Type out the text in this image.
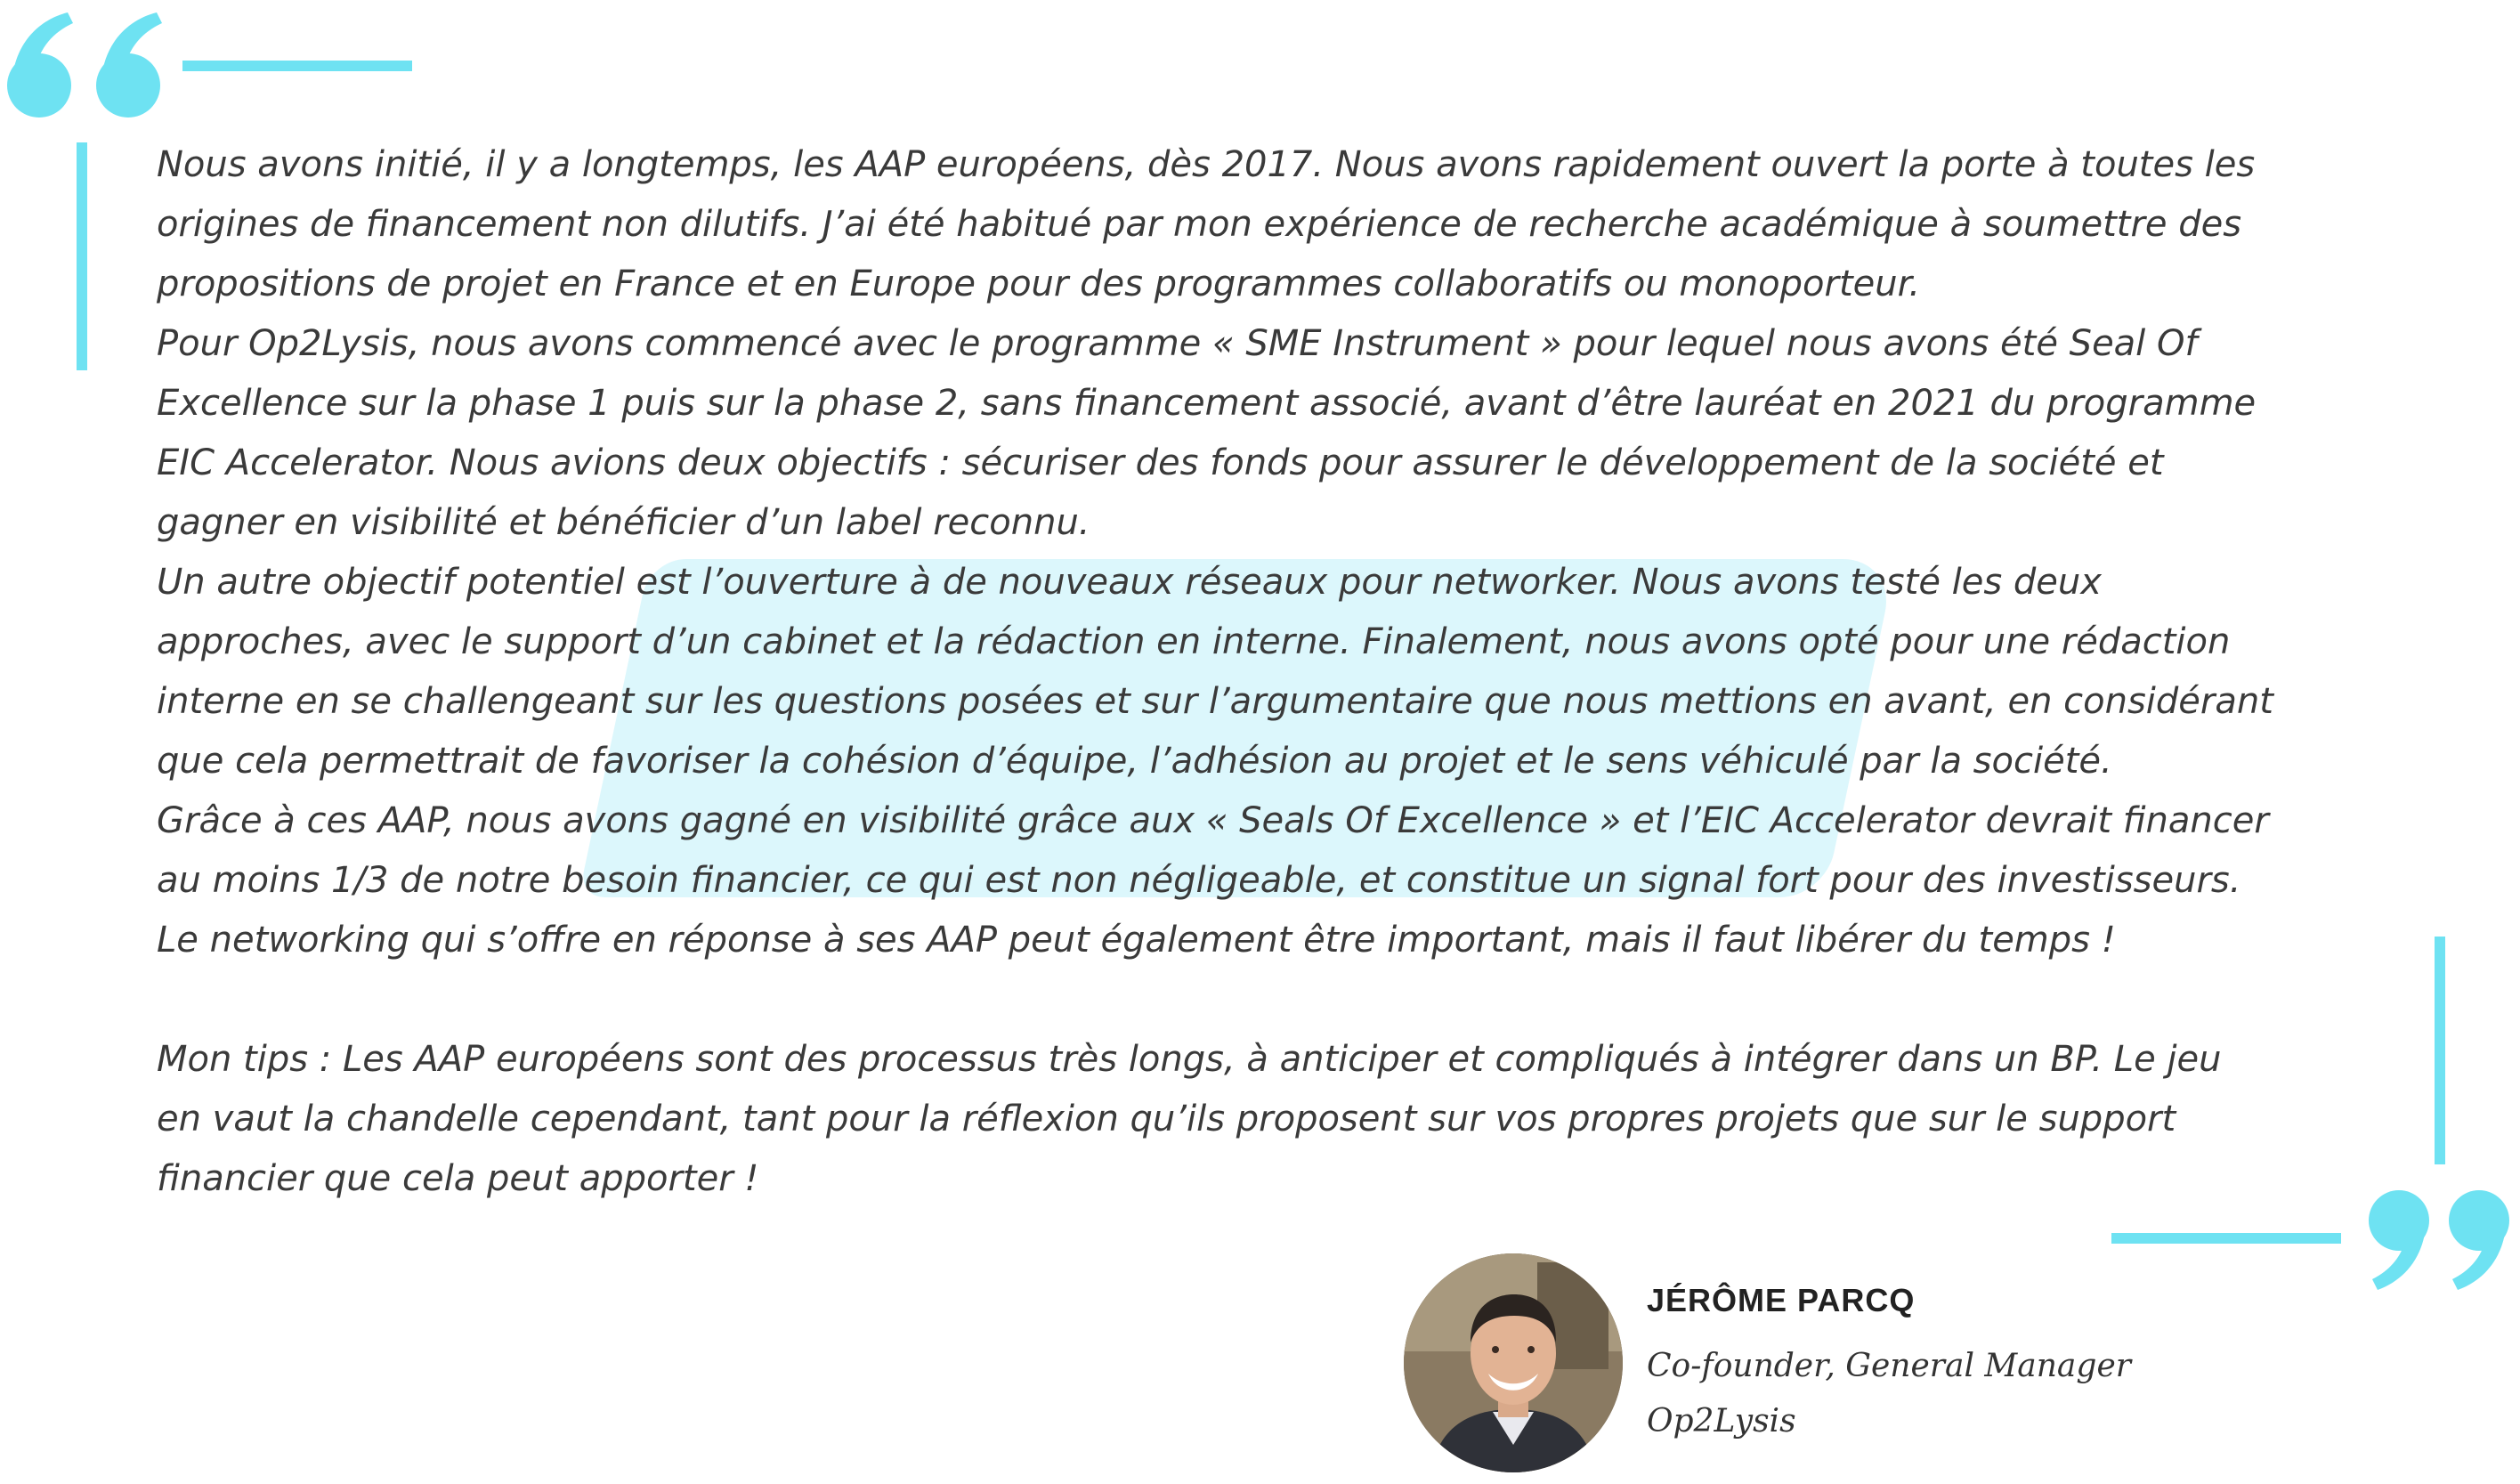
Nous avons initié, il y a longtemps, les AAP européens, dès 2017. Nous avons rapidement ouvert la porte à toutes les
origines de financement non dilutifs. J’ai été habitué par mon expérience de recherche académique à soumettre des
propositions de projet en France et en Europe pour des programmes collaboratifs ou monoporteur.
Pour Op2Lysis, nous avons commencé avec le programme « SME Instrument » pour lequel nous avons été Seal Of
Excellence sur la phase 1 puis sur la phase 2, sans financement associé, avant d’être lauréat en 2021 du programme
EIC Accelerator. Nous avions deux objectifs : sécuriser des fonds pour assurer le développement de la société et
gagner en visibilité et bénéficier d’un label reconnu.
Un autre objectif potentiel est l’ouverture à de nouveaux réseaux pour networker. Nous avons testé les deux
approches, avec le support d’un cabinet et la rédaction en interne. Finalement, nous avons opté pour une rédaction
interne en se challengeant sur les questions posées et sur l’argumentaire que nous mettions en avant, en considérant
que cela permettrait de favoriser la cohésion d’équipe, l’adhésion au projet et le sens véhiculé par la société.
Grâce à ces AAP, nous avons gagné en visibilité grâce aux « Seals Of Excellence » et l’EIC Accelerator devrait financer
au moins 1/3 de notre besoin financier, ce qui est non négligeable, et constitue un signal fort pour des investisseurs.
Le networking qui s’offre en réponse à ses AAP peut également être important, mais il faut libérer du temps !
Mon tips : Les AAP européens sont des processus très longs, à anticiper et compliqués à intégrer dans un BP. Le jeu
en vaut la chandelle cependant, tant pour la réflexion qu’ils proposent sur vos propres projets que sur le support
financier que cela peut apporter !
JÉRÔME PARCQ
Co-founder, General Manager
Op2Lysis
